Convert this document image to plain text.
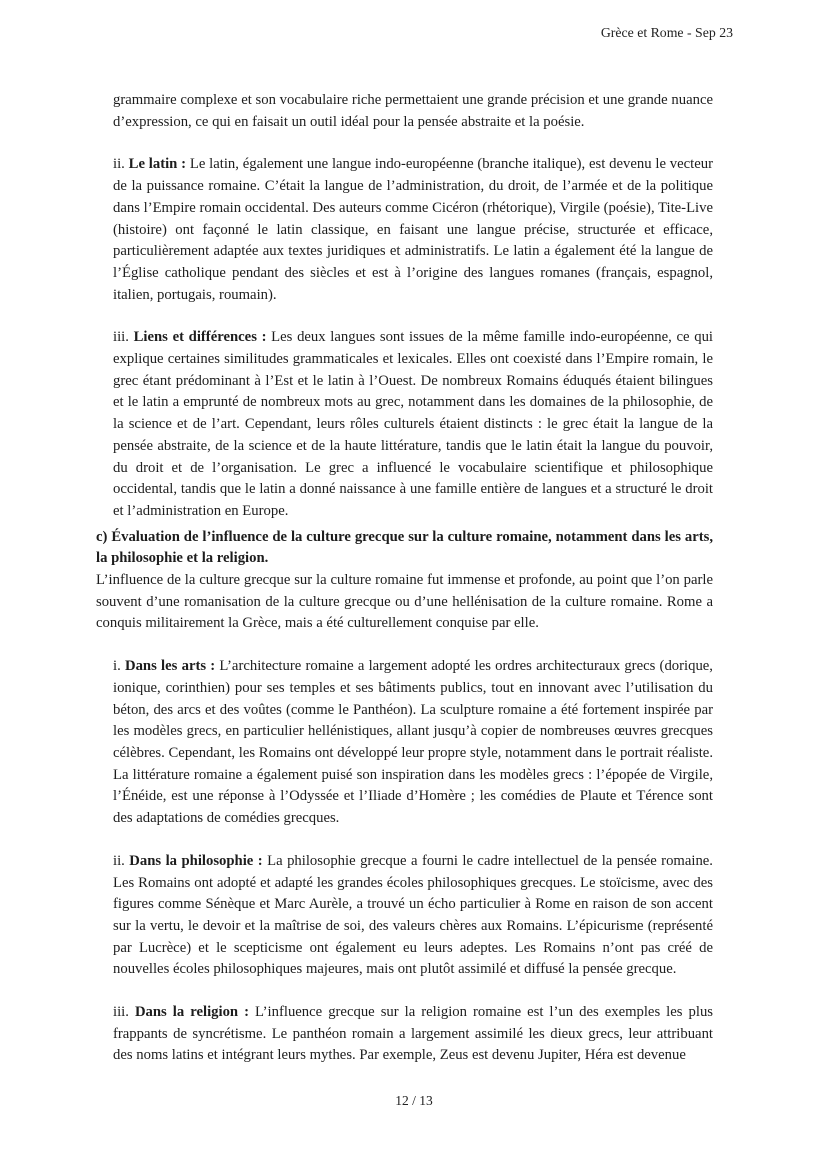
Grèce et Rome - Sep 23

grammaire complexe et son vocabulaire riche permettaient une grande précision et une grande nuance d’expression, ce qui en faisait un outil idéal pour la pensée abstraite et la poésie.

ii. Le latin : Le latin, également une langue indo-européenne (branche italique), est devenu le vecteur de la puissance romaine. C’était la langue de l’administration, du droit, de l’armée et de la politique dans l’Empire romain occidental. Des auteurs comme Cicéron (rhétorique), Virgile (poésie), Tite-Live (histoire) ont façonné le latin classique, en faisant une langue précise, structurée et efficace, particulièrement adaptée aux textes juridiques et administratifs. Le latin a également été la langue de l’Église catholique pendant des siècles et est à l’origine des langues romanes (français, espagnol, italien, portugais, roumain).

iii. Liens et différences : Les deux langues sont issues de la même famille indo-européenne, ce qui explique certaines similitudes grammaticales et lexicales. Elles ont coexisté dans l’Empire romain, le grec étant prédominant à l’Est et le latin à l’Ouest. De nombreux Romains éduqués étaient bilingues et le latin a emprunté de nombreux mots au grec, notamment dans les domaines de la philosophie, de la science et de l’art. Cependant, leurs rôles culturels étaient distincts : le grec était la langue de la pensée abstraite, de la science et de la haute littérature, tandis que le latin était la langue du pouvoir, du droit et de l’organisation. Le grec a influencé le vocabulaire scientifique et philosophique occidental, tandis que le latin a donné naissance à une famille entière de langues et a structuré le droit et l’administration en Europe.

c) Évaluation de l’influence de la culture grecque sur la culture romaine, notamment dans les arts, la philosophie et la religion.

L’influence de la culture grecque sur la culture romaine fut immense et profonde, au point que l’on parle souvent d’une romanisation de la culture grecque ou d’une hellénisation de la culture romaine. Rome a conquis militairement la Grèce, mais a été culturellement conquise par elle.

i. Dans les arts : L’architecture romaine a largement adopté les ordres architecturaux grecs (dorique, ionique, corinthien) pour ses temples et ses bâtiments publics, tout en innovant avec l’utilisation du béton, des arcs et des voûtes (comme le Panthéon). La sculpture romaine a été fortement inspirée par les modèles grecs, en particulier hellénistiques, allant jusqu’à copier de nombreuses œuvres grecques célèbres. Cependant, les Romains ont développé leur propre style, notamment dans le portrait réaliste. La littérature romaine a également puisé son inspiration dans les modèles grecs : l’épopée de Virgile, l’Énéide, est une réponse à l’Odyssée et l’Iliade d’Homère ; les comédies de Plaute et Térence sont des adaptations de comédies grecques.

ii. Dans la philosophie : La philosophie grecque a fourni le cadre intellectuel de la pensée romaine. Les Romains ont adopté et adapté les grandes écoles philosophiques grecques. Le stoïcisme, avec des figures comme Sénèque et Marc Aurèle, a trouvé un écho particulier à Rome en raison de son accent sur la vertu, le devoir et la maîtrise de soi, des valeurs chères aux Romains. L’épicurisme (représenté par Lucrèce) et le scepticisme ont également eu leurs adeptes. Les Romains n’ont pas créé de nouvelles écoles philosophiques majeures, mais ont plutôt assimilé et diffusé la pensée grecque.

iii. Dans la religion : L’influence grecque sur la religion romaine est l’un des exemples les plus frappants de syncrétisme. Le panthéon romain a largement assimilé les dieux grecs, leur attribuant des noms latins et intégrant leurs mythes. Par exemple, Zeus est devenu Jupiter, Héra est devenue

12 / 13
